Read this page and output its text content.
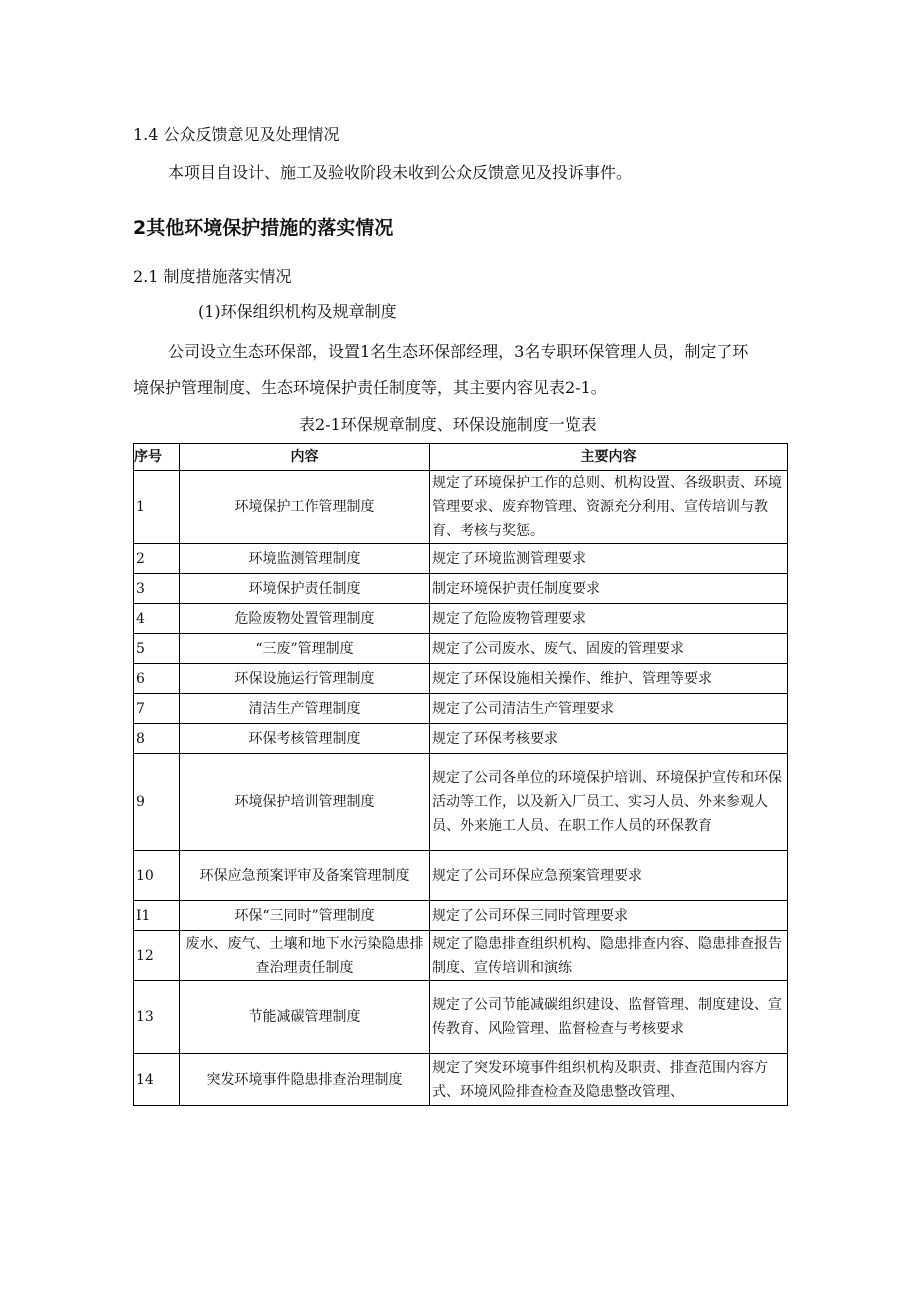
1.4 公众反馈意见及处理情况
本项目自设计、施工及验收阶段未收到公众反馈意见及投诉事件。
2其他环境保护措施的落实情况
2.1 制度措施落实情况
(1)环保组织机构及规章制度
公司设立生态环保部，设置1名生态环保部经理，3名专职环保管理人员，制定了环
境保护管理制度、生态环境保护责任制度等，其主要内容见表2-1。
表2-1环保规章制度、环保设施制度一览表
序号	内容	主要内容
1	环境保护工作管理制度	规定了环境保护工作的总则、机构设置、各级职责、环境管理要求、废弃物管理、资源充分利用、宣传培训与教育、考核与奖惩。
2	环境监测管理制度	规定了环境监测管理要求
3	环境保护责任制度	制定环境保护责任制度要求
4	危险废物处置管理制度	规定了危险废物管理要求
5	“三废”管理制度	规定了公司废水、废气、固废的管理要求
6	环保设施运行管理制度	规定了环保设施相关操作、维护、管理等要求
7	清洁生产管理制度	规定了公司清洁生产管理要求
8	环保考核管理制度	规定了环保考核要求
9	环境保护培训管理制度	规定了公司各单位的环境保护培训、环境保护宣传和环保活动等工作，以及新入厂员工、实习人员、外来参观人员、外来施工人员、在职工作人员的环保教育
10	环保应急预案评审及备案管理制度	规定了公司环保应急预案管理要求
I1	环保“三同时”管理制度	规定了公司环保三同时管理要求
12	废水、废气、土壤和地下水污染隐患排查治理责任制度	规定了隐患排查组织机构、隐患排查内容、隐患排查报告制度、宣传培训和演练
13	节能减碳管理制度	规定了公司节能减碳组织建设、监督管理、制度建设、宣传教育、风险管理、监督检查与考核要求
14	突发环境事件隐患排查治理制度	规定了突发环境事件组织机构及职责、排查范围内容方式、环境风险排查检查及隐患整改管理、
